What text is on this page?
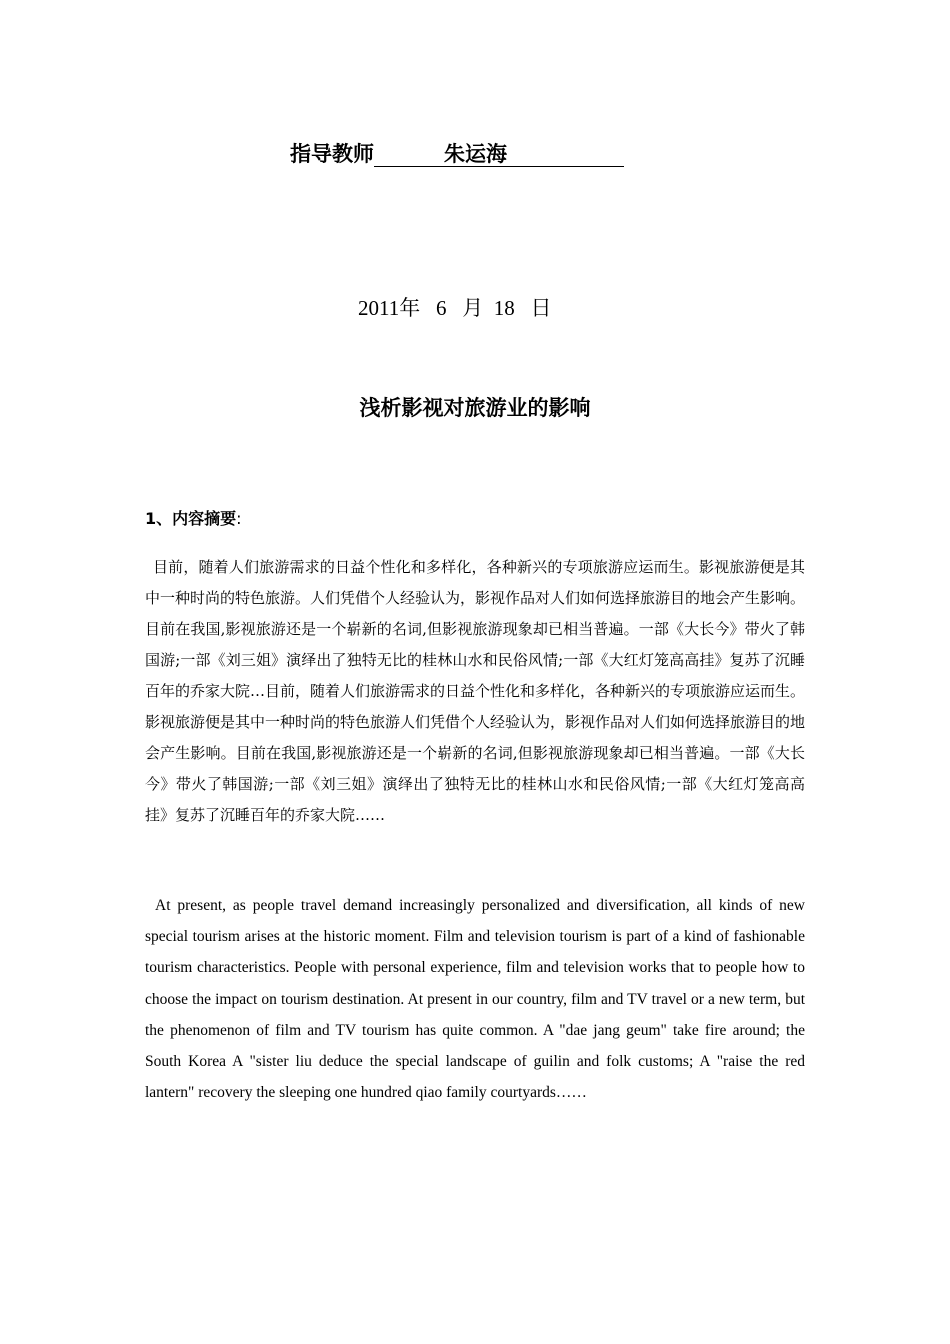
指导教师	朱运海
2011年 6 月 18 日
浅析影视对旅游业的影响
1、内容摘要:
目前，随着人们旅游需求的日益个性化和多样化，各种新兴的专项旅游应运而生。影视旅游便是其中一种时尚的特色旅游。人们凭借个人经验认为，影视作品对人们如何选择旅游目的地会产生影响。目前在我国,影视旅游还是一个崭新的名词,但影视旅游现象却已相当普遍。一部《大长今》带火了韩国游;一部《刘三姐》演绎出了独特无比的桂林山水和民俗风情;一部《大红灯笼高高挂》复苏了沉睡百年的乔家大院…目前，随着人们旅游需求的日益个性化和多样化，各种新兴的专项旅游应运而生。影视旅游便是其中一种时尚的特色旅游人们凭借个人经验认为，影视作品对人们如何选择旅游目的地会产生影响。目前在我国,影视旅游还是一个崭新的名词,但影视旅游现象却已相当普遍。一部《大长今》带火了韩国游;一部《刘三姐》演绎出了独特无比的桂林山水和民俗风情;一部《大红灯笼高高挂》复苏了沉睡百年的乔家大院……
At present, as people travel demand increasingly personalized and diversification, all kinds of new special tourism arises at the historic moment. Film and television tourism is part of a kind of fashionable tourism characteristics. People with personal experience, film and television works that to people how to choose the impact on tourism destination. At present in our country, film and TV travel or a new term, but the phenomenon of film and TV tourism has quite common. A "dae jang geum" take fire around; the South Korea A "sister liu deduce the special landscape of guilin and folk customs; A "raise the red lantern" recovery the sleeping one hundred qiao family courtyards……
